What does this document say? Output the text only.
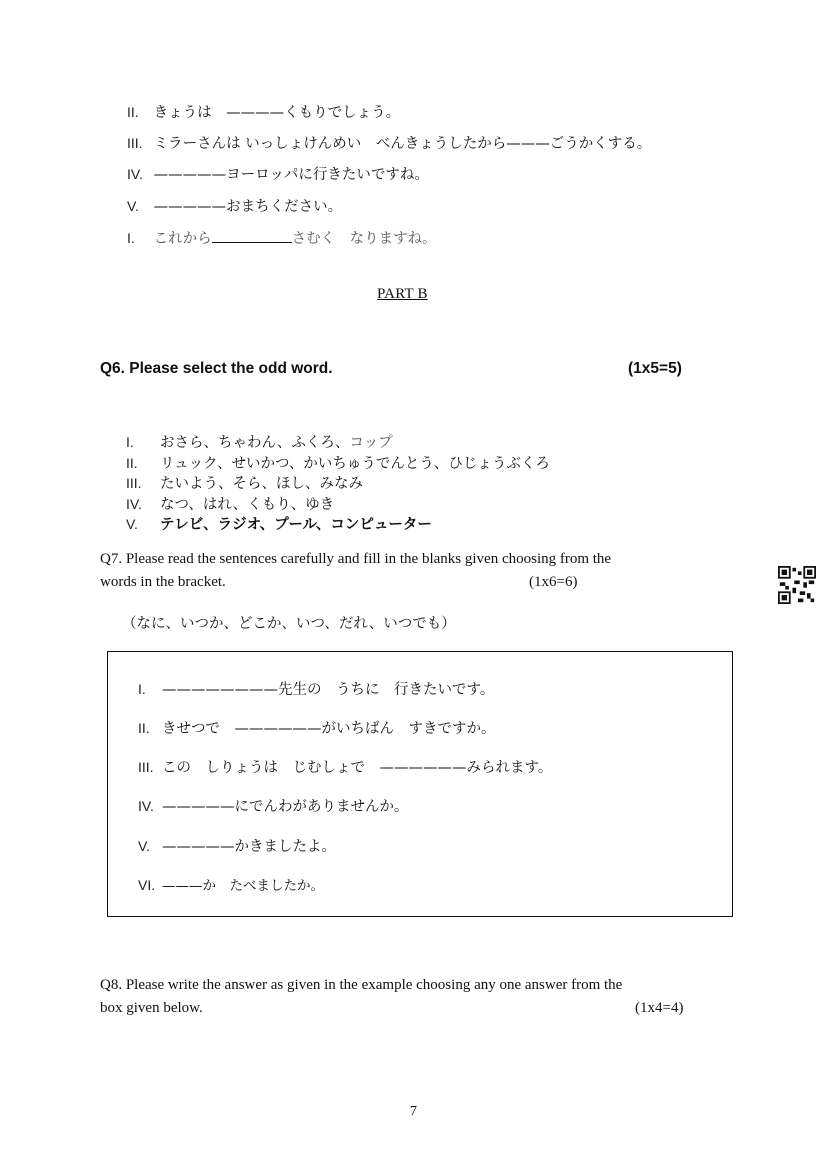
II. きょうは　————くもりでしょう。
III. ミラーさんは いっしょけんめい　べんきょうしたから———ごうかくする。
IV. —————ヨーロッパに行きたいですね。
V. —————おまちください。
I. これから	さむく　なりますね。
PART B
Q6. Please select the odd word.	(1x5=5)
I. おさら、ちゃわん、ふくろ、コップ
II. リュック、せいかつ、かいちゅうでんとう、ひじょうぶくろ
III. たいよう、そら、ほし、みなみ
IV. なつ、はれ、くもり、ゆき
V. テレビ、ラジオ、プール、コンピューター
Q7. Please read the sentences carefully and fill in the blanks given choosing from the
words in the bracket.	(1x6=6)
（なに、いつか、どこか、いつ、だれ、いつでも）
I. ————————先生の　うちに　行きたいです。
II. きせつで　——————がいちばん　すきですか。
III. この　しりょうは　じむしょで　——————みられます。
IV. —————にでんわがありませんか。
V. —————かきましたよ。
VI. ———か　たべましたか。
Q8. Please write the answer as given in the example choosing any one answer from the
box given below.	(1x4=4)
7
